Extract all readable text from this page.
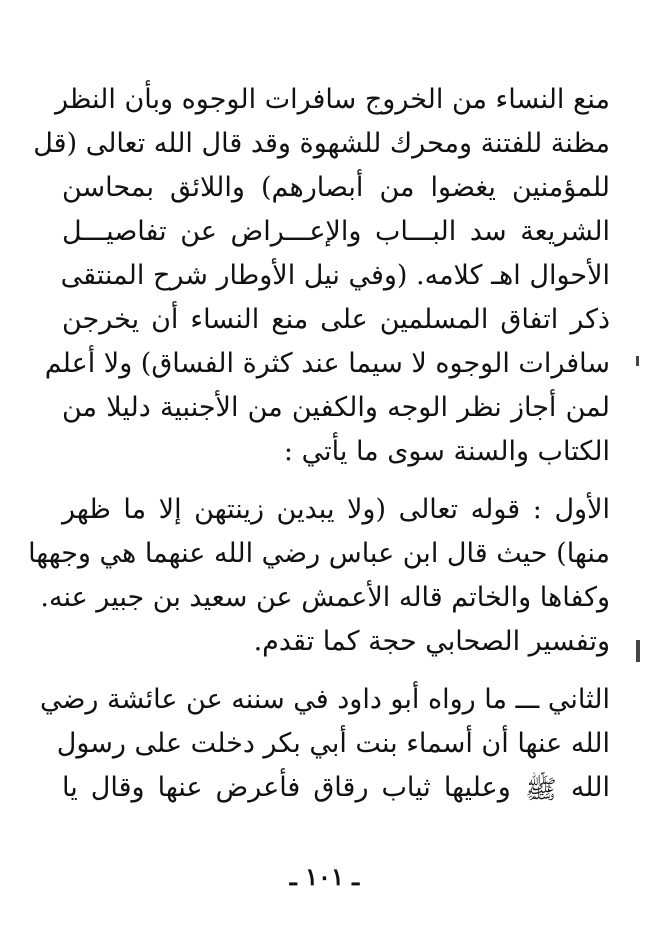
منع النساء من الخروج سافرات الوجوه وبأن النظر
مظنة للفتنة ومحرك للشهوة وقد قال الله تعالى (قل
للمؤمنين يغضوا من أبصارهم) واللائق بمحاسن
الشريعة سد البـــاب والإعـــراض عن تفاصيـــل
الأحوال اهـ كلامه. (وفي نيل الأوطار شرح المنتقى
ذكر اتفاق المسلمين على منع النساء أن يخرجن
سافرات الوجوه لا سيما عند كثرة الفساق) ولا أعلم
لمن أجاز نظر الوجه والكفين من الأجنبية دليلا من
الكتاب والسنة سوى ما يأتي :
الأول : قوله تعالى (ولا يبدين زينتهن إلا ما ظهر
منها) حيث قال ابن عباس رضي الله عنهما هي وجهها
وكفاها والخاتم قاله الأعمش عن سعيد بن جبير عنه.
وتفسير الصحابي حجة كما تقدم.
الثاني ـــ ما رواه أبو داود في سننه عن عائشة رضي
الله عنها أن أسماء بنت أبي بكر دخلت على رسول
الله
ﷺ
وعليها ثياب رقاق فأعرض عنها وقال يا
ـ ١٠١ ـ
